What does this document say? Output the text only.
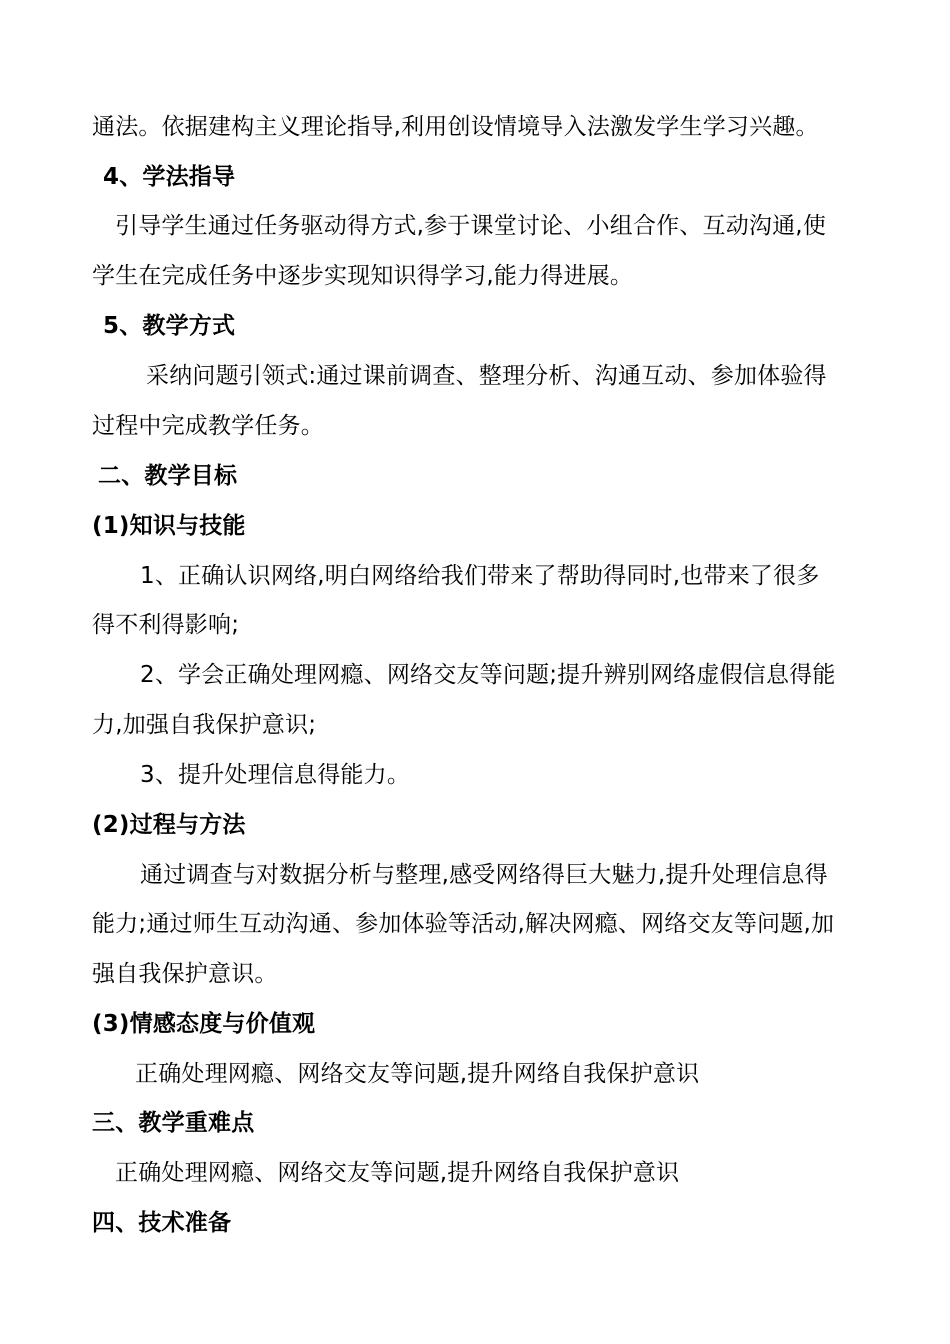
通法。依据建构主义理论指导,利用创设情境导入法激发学生学习兴趣。
4、学法指导
引导学生通过任务驱动得方式,参于课堂讨论、小组合作、互动沟通,使
学生在完成任务中逐步实现知识得学习,能力得进展。
5、教学方式
采纳问题引领式:通过课前调查、整理分析、沟通互动、参加体验得
过程中完成教学任务。
二、教学目标
(1)知识与技能
1、正确认识网络,明白网络给我们带来了帮助得同时,也带来了很多
得不利得影响;
2、学会正确处理网瘾、网络交友等问题;提升辨别网络虚假信息得能
力,加强自我保护意识;
3、提升处理信息得能力。
(2)过程与方法
通过调查与对数据分析与整理,感受网络得巨大魅力,提升处理信息得
能力;通过师生互动沟通、参加体验等活动,解决网瘾、网络交友等问题,加
强自我保护意识。
(3)情感态度与价值观
正确处理网瘾、网络交友等问题,提升网络自我保护意识
三、教学重难点
正确处理网瘾、网络交友等问题,提升网络自我保护意识
四、技术准备
